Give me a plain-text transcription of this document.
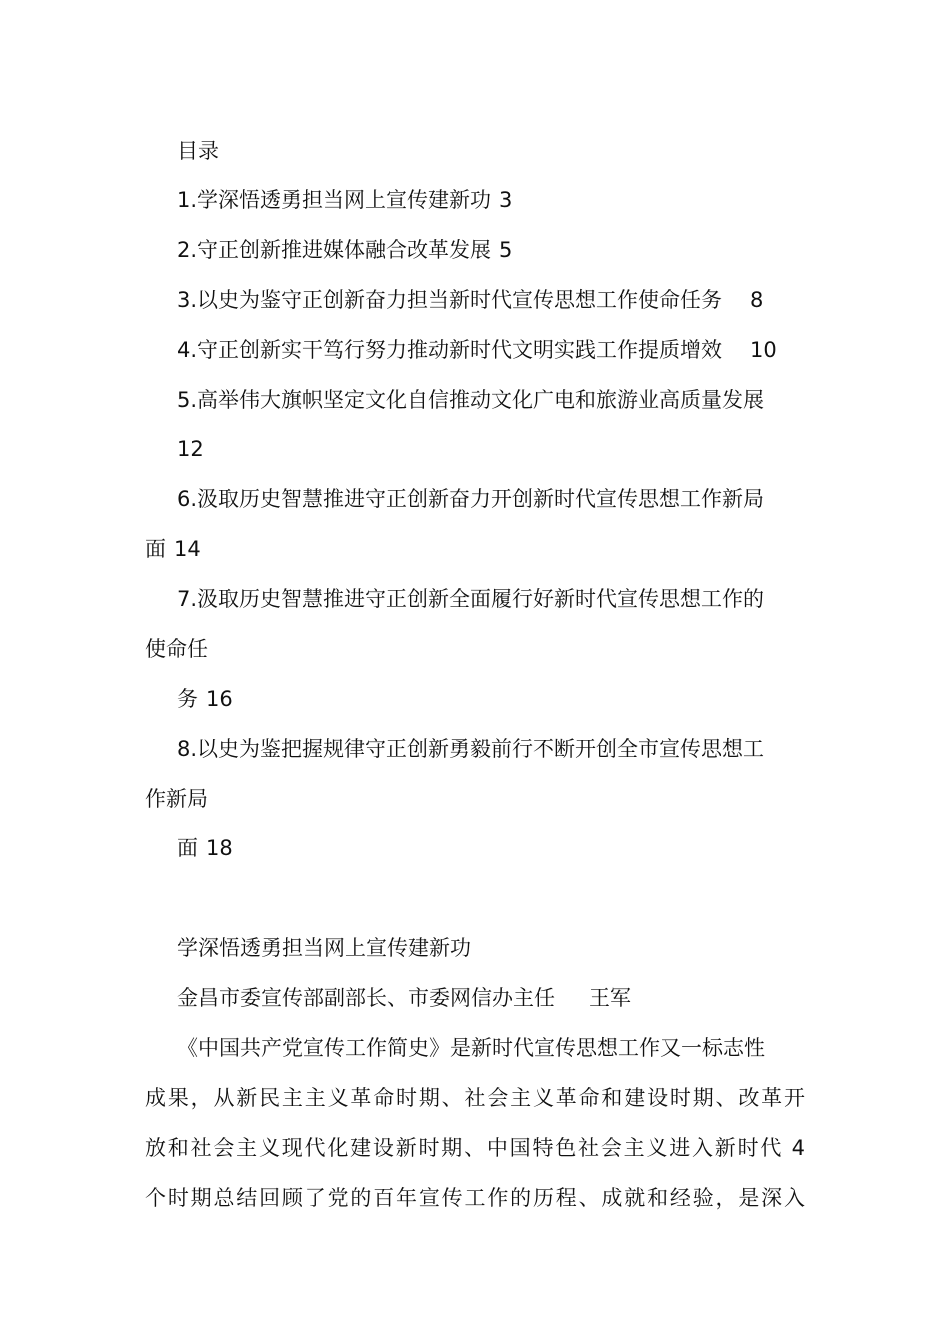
目录
1.学深悟透勇担当网上宣传建新功 3
2.守正创新推进媒体融合改革发展 5
3.以史为鉴守正创新奋力担当新时代宣传思想工作使命任务 8
4.守正创新实干笃行努力推动新时代文明实践工作提质增效 10
5.高举伟大旗帜坚定文化自信推动文化广电和旅游业高质量发展
12
6.汲取历史智慧推进守正创新奋力开创新时代宣传思想工作新局
面 14
7.汲取历史智慧推进守正创新全面履行好新时代宣传思想工作的
使命任
务 16
8.以史为鉴把握规律守正创新勇毅前行不断开创全市宣传思想工
作新局
面 18
学深悟透勇担当网上宣传建新功
金昌市委宣传部副部长、市委网信办主任 王军
《中国共产党宣传工作简史》是新时代宣传思想工作又一标志性
成果，从新民主主义革命时期、社会主义革命和建设时期、改革开
放和社会主义现代化建设新时期、中国特色社会主义进入新时代 4
个时期总结回顾了党的百年宣传工作的历程、成就和经验，是深入
